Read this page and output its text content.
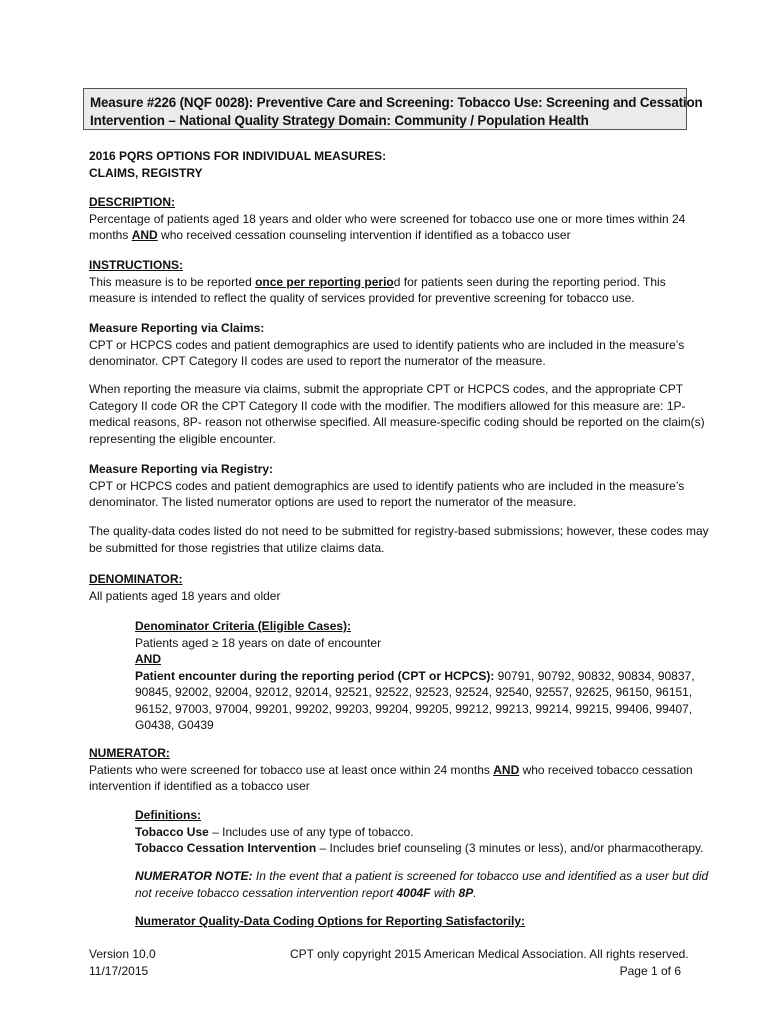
Measure #226 (NQF 0028): Preventive Care and Screening: Tobacco Use: Screening and Cessation
Intervention – National Quality Strategy Domain: Community / Population Health
2016 PQRS OPTIONS FOR INDIVIDUAL MEASURES:
CLAIMS, REGISTRY
DESCRIPTION:
Percentage of patients aged 18 years and older who were screened for tobacco use one or more times within 24
months AND who received cessation counseling intervention if identified as a tobacco user
INSTRUCTIONS:
This measure is to be reported once per reporting period for patients seen during the reporting period. This
measure is intended to reflect the quality of services provided for preventive screening for tobacco use.
Measure Reporting via Claims:
CPT or HCPCS codes and patient demographics are used to identify patients who are included in the measure’s
denominator. CPT Category II codes are used to report the numerator of the measure.
When reporting the measure via claims, submit the appropriate CPT or HCPCS codes, and the appropriate CPT
Category II code OR the CPT Category II code with the modifier. The modifiers allowed for this measure are: 1P-
medical reasons, 8P- reason not otherwise specified. All measure-specific coding should be reported on the claim(s)
representing the eligible encounter.
Measure Reporting via Registry:
CPT or HCPCS codes and patient demographics are used to identify patients who are included in the measure’s
denominator. The listed numerator options are used to report the numerator of the measure.
The quality-data codes listed do not need to be submitted for registry-based submissions; however, these codes may
be submitted for those registries that utilize claims data.
DENOMINATOR:
All patients aged 18 years and older
Denominator Criteria (Eligible Cases):
Patients aged ≥ 18 years on date of encounter
AND
Patient encounter during the reporting period (CPT or HCPCS): 90791, 90792, 90832, 90834, 90837,
90845, 92002, 92004, 92012, 92014, 92521, 92522, 92523, 92524, 92540, 92557, 92625, 96150, 96151,
96152, 97003, 97004, 99201, 99202, 99203, 99204, 99205, 99212, 99213, 99214, 99215, 99406, 99407,
G0438, G0439
NUMERATOR:
Patients who were screened for tobacco use at least once within 24 months AND who received tobacco cessation
intervention if identified as a tobacco user
Definitions:
Tobacco Use – Includes use of any type of tobacco.
Tobacco Cessation Intervention – Includes brief counseling (3 minutes or less), and/or pharmacotherapy.
NUMERATOR NOTE: In the event that a patient is screened for tobacco use and identified as a user but did
not receive tobacco cessation intervention report 4004F with 8P.
Numerator Quality-Data Coding Options for Reporting Satisfactorily:
Version 10.0
11/17/2015
CPT only copyright 2015 American Medical Association. All rights reserved.
Page 1 of 6
